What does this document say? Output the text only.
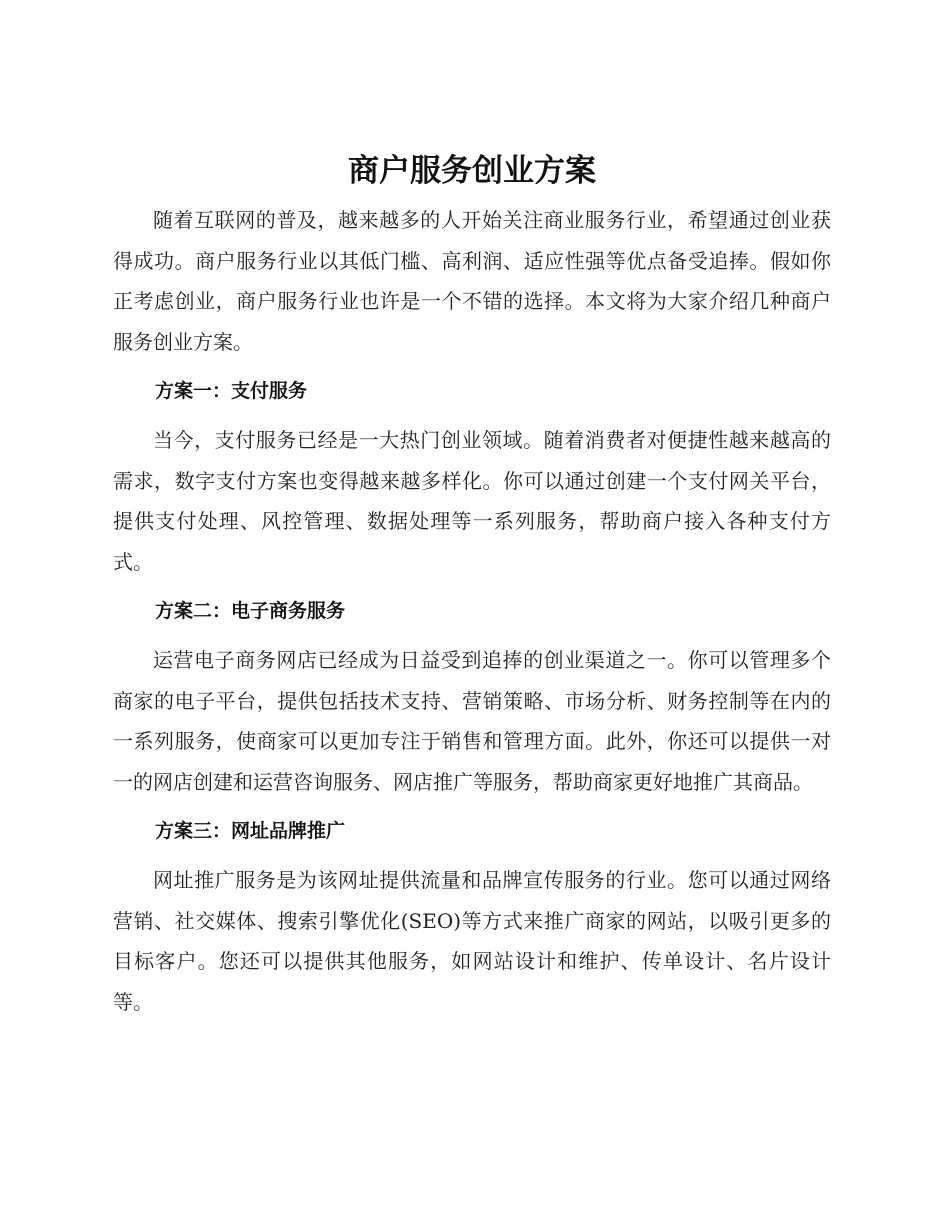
商户服务创业方案

随着互联网的普及，越来越多的人开始关注商业服务行业，希望通过创业获得成功。商户服务行业以其低门槛、高利润、适应性强等优点备受追捧。假如你正考虑创业，商户服务行业也许是一个不错的选择。本文将为大家介绍几种商户服务创业方案。

方案一：支付服务

当今，支付服务已经是一大热门创业领域。随着消费者对便捷性越来越高的需求，数字支付方案也变得越来越多样化。你可以通过创建一个支付网关平台，提供支付处理、风控管理、数据处理等一系列服务，帮助商户接入各种支付方式。

方案二：电子商务服务

运营电子商务网店已经成为日益受到追捧的创业渠道之一。你可以管理多个商家的电子平台，提供包括技术支持、营销策略、市场分析、财务控制等在内的一系列服务，使商家可以更加专注于销售和管理方面。此外，你还可以提供一对一的网店创建和运营咨询服务、网店推广等服务，帮助商家更好地推广其商品。

方案三：网址品牌推广

网址推广服务是为该网址提供流量和品牌宣传服务的行业。您可以通过网络营销、社交媒体、搜索引擎优化(SEO)等方式来推广商家的网站，以吸引更多的目标客户。您还可以提供其他服务，如网站设计和维护、传单设计、名片设计等。
